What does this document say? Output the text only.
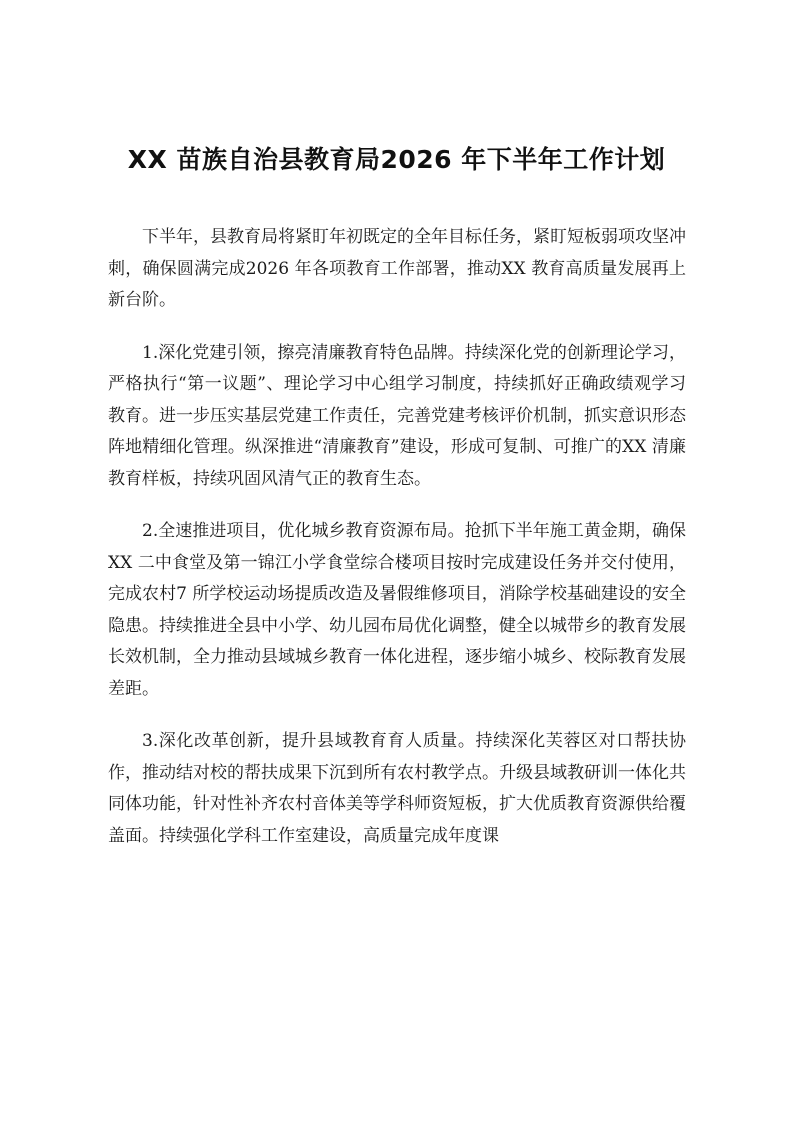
XX 苗族自治县教育局2026 年下半年工作计划

下半年，县教育局将紧盯年初既定的全年目标任务，紧盯短板弱项攻坚冲刺，确保圆满完成2026 年各项教育工作部署，推动XX 教育高质量发展再上新台阶。

1.深化党建引领，擦亮清廉教育特色品牌。持续深化党的创新理论学习，严格执行“第一议题”、理论学习中心组学习制度，持续抓好正确政绩观学习教育。进一步压实基层党建工作责任，完善党建考核评价机制，抓实意识形态阵地精细化管理。纵深推进“清廉教育”建设，形成可复制、可推广的XX 清廉教育样板，持续巩固风清气正的教育生态。

2.全速推进项目，优化城乡教育资源布局。抢抓下半年施工黄金期，确保XX 二中食堂及第一锦江小学食堂综合楼项目按时完成建设任务并交付使用，完成农村7 所学校运动场提质改造及暑假维修项目，消除学校基础建设的安全隐患。持续推进全县中小学、幼儿园布局优化调整，健全以城带乡的教育发展长效机制，全力推动县域城乡教育一体化进程，逐步缩小城乡、校际教育发展差距。

3.深化改革创新，提升县域教育育人质量。持续深化芙蓉区对口帮扶协作，推动结对校的帮扶成果下沉到所有农村教学点。升级县域教研训一体化共同体功能，针对性补齐农村音体美等学科师资短板，扩大优质教育资源供给覆盖面。持续强化学科工作室建设，高质量完成年度课
